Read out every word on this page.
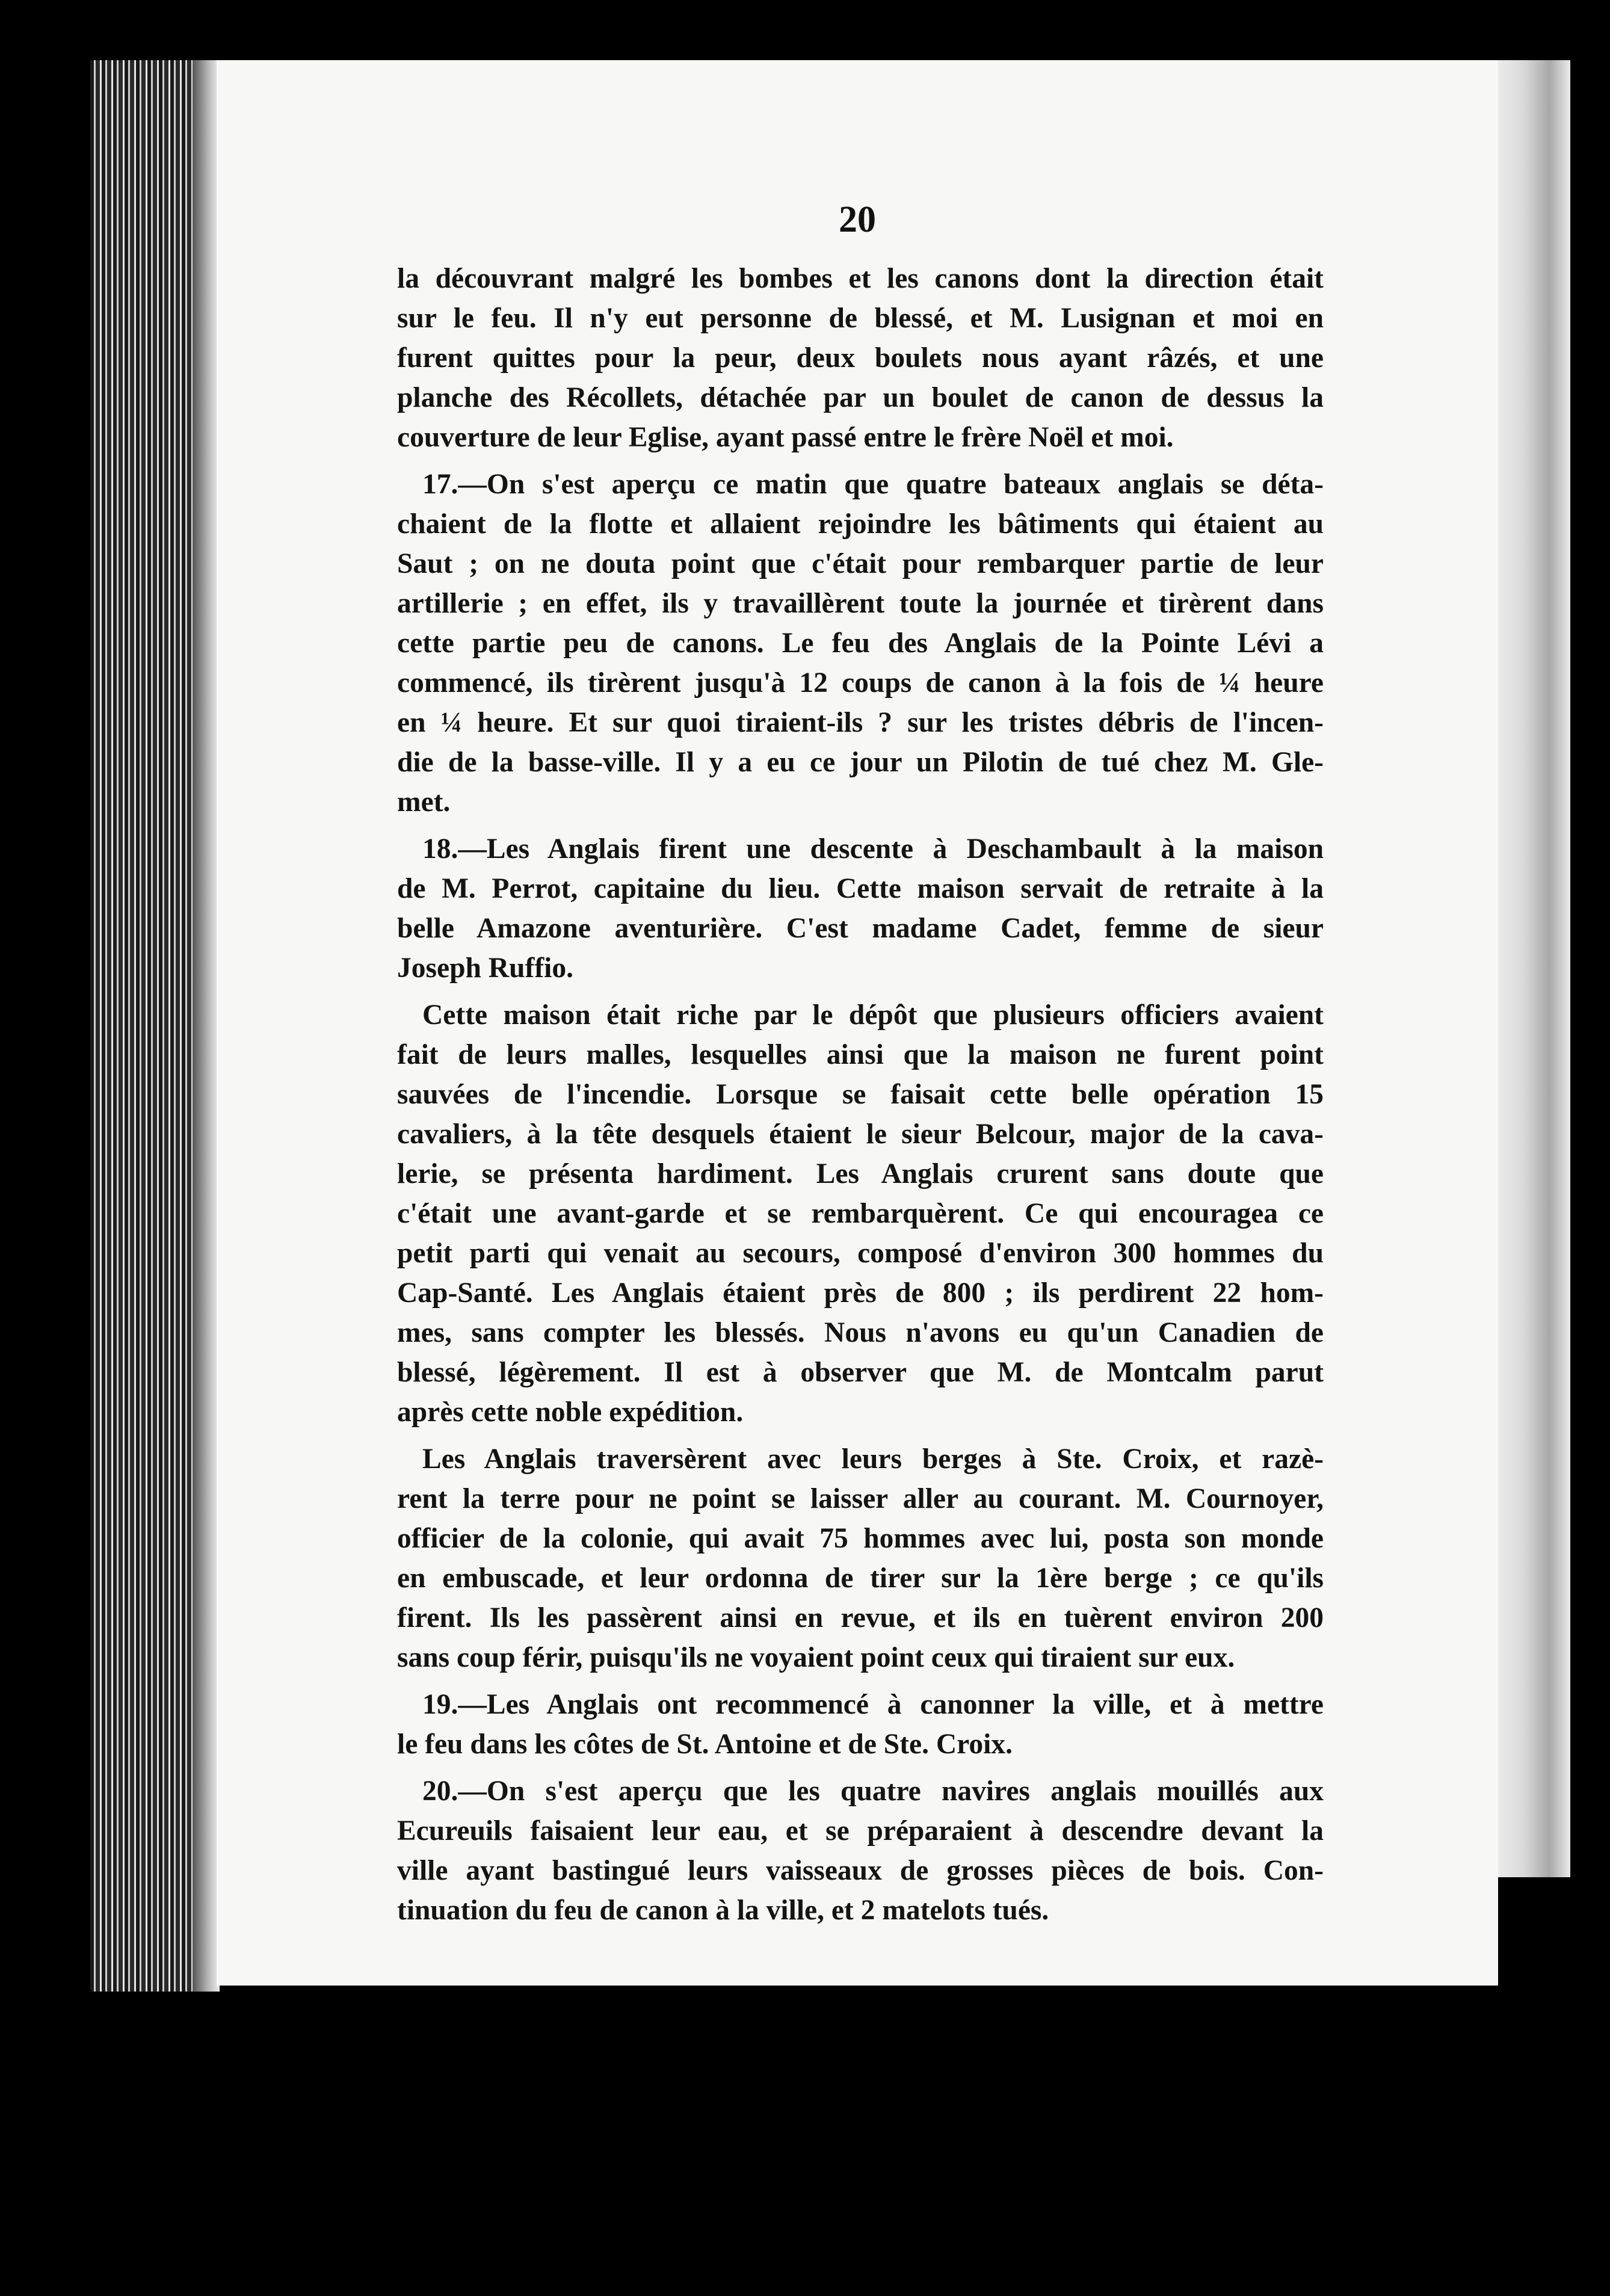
20

la découvrant malgré les bombes et les canons dont la direction était
sur le feu. Il n'y eut personne de blessé, et M. Lusignan et moi en
furent quittes pour la peur, deux boulets nous ayant râzés, et une
planche des Récollets, détachée par un boulet de canon de dessus la
couverture de leur Eglise, ayant passé entre le frère Noël et moi.

17.—On s'est aperçu ce matin que quatre bateaux anglais se déta-
chaient de la flotte et allaient rejoindre les bâtiments qui étaient au
Saut ; on ne douta point que c'était pour rembarquer partie de leur
artillerie ; en effet, ils y travaillèrent toute la journée et tirèrent dans
cette partie peu de canons. Le feu des Anglais de la Pointe Lévi a
commencé, ils tirèrent jusqu'à 12 coups de canon à la fois de ¼ heure
en ¼ heure. Et sur quoi tiraient-ils ? sur les tristes débris de l'incen-
die de la basse-ville. Il y a eu ce jour un Pilotin de tué chez M. Gle-
met.

18.—Les Anglais firent une descente à Deschambault à la maison
de M. Perrot, capitaine du lieu. Cette maison servait de retraite à la
belle Amazone aventurière. C'est madame Cadet, femme de sieur
Joseph Ruffio.

Cette maison était riche par le dépôt que plusieurs officiers avaient
fait de leurs malles, lesquelles ainsi que la maison ne furent point
sauvées de l'incendie. Lorsque se faisait cette belle opération 15
cavaliers, à la tête desquels étaient le sieur Belcour, major de la cava-
lerie, se présenta hardiment. Les Anglais crurent sans doute que
c'était une avant-garde et se rembarquèrent. Ce qui encouragea ce
petit parti qui venait au secours, composé d'environ 300 hommes du
Cap-Santé. Les Anglais étaient près de 800 ; ils perdirent 22 hom-
mes, sans compter les blessés. Nous n'avons eu qu'un Canadien de
blessé, légèrement. Il est à observer que M. de Montcalm parut
après cette noble expédition.

Les Anglais traversèrent avec leurs berges à Ste. Croix, et razè-
rent la terre pour ne point se laisser aller au courant. M. Cournoyer,
officier de la colonie, qui avait 75 hommes avec lui, posta son monde
en embuscade, et leur ordonna de tirer sur la 1ère berge ; ce qu'ils
firent. Ils les passèrent ainsi en revue, et ils en tuèrent environ 200
sans coup férir, puisqu'ils ne voyaient point ceux qui tiraient sur eux.

19.—Les Anglais ont recommencé à canonner la ville, et à mettre
le feu dans les côtes de St. Antoine et de Ste. Croix.

20.—On s'est aperçu que les quatre navires anglais mouillés aux
Ecureuils faisaient leur eau, et se préparaient à descendre devant la
ville ayant bastingué leurs vaisseaux de grosses pièces de bois. Con-
tinuation du feu de canon à la ville, et 2 matelots tués.
